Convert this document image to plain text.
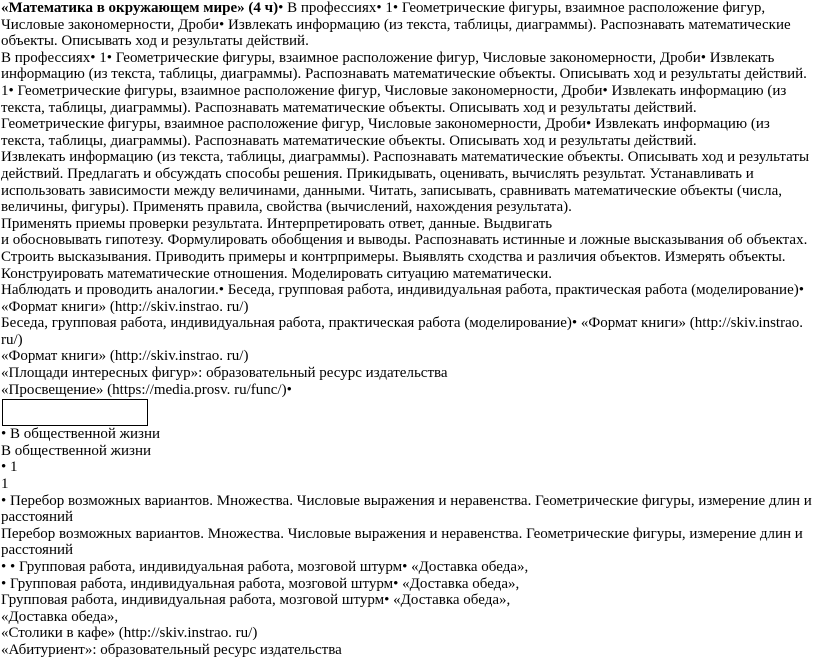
«Математика в окружающем мире» (4 ч)• В профессиях• 1• Геометрические фигуры, взаимное расположение фигур, Числовые закономерности, Дроби• Извлекать информацию (из текста, таблицы, диаграммы). Распознавать математические объекты. Описывать ход и результаты действий.

В профессиях• 1• Геометрические фигуры, взаимное расположение фигур, Числовые закономерности, Дроби• Извлекать информацию (из текста, таблицы, диаграммы). Распознавать математические объекты. Описывать ход и результаты действий.

1• Геометрические фигуры, взаимное расположение фигур, Числовые закономерности, Дроби• Извлекать информацию (из текста, таблицы, диаграммы). Распознавать математические объекты. Описывать ход и результаты действий.

Геометрические фигуры, взаимное расположение фигур, Числовые закономерности, Дроби• Извлекать информацию (из текста, таблицы, диаграммы). Распознавать математические объекты. Описывать ход и результаты действий.

Извлекать информацию (из текста, таблицы, диаграммы). Распознавать математические объекты. Описывать ход и результаты действий. Предлагать и обсуждать способы решения. Прикидывать, оценивать, вычислять результат. Устанавливать и использовать зависимости между величинами, данными. Читать, записывать, сравнивать математические объекты (числа, величины, фигуры). Применять правила, свойства (вычислений, нахождения результата).

Применять приемы проверки результата. Интерпретировать ответ, данные. Выдвигать

и обосновывать гипотезу. Формулировать обобщения и выводы. Распознавать истинные и ложные высказывания об объектах. Строить высказывания. Приводить примеры и контрпримеры. Выявлять сходства и различия объектов. Измерять объекты. Конструировать математические отношения. Моделировать ситуацию математически.

Наблюдать и проводить аналогии.• Беседа, групповая работа, индивидуальная работа, практическая работа (моделирование)• «Формат книги» (http://skiv.instrao. ru/)

Беседа, групповая работа, индивидуальная работа, практическая работа (моделирование)• «Формат книги» (http://skiv.instrao. ru/)

«Формат книги» (http://skiv.instrao. ru/)

«Площади интересных фигур»: образовательный ресурс издательства

«Просвещение» (https://media.prosv. ru/func/)•

• В общественной жизни

В общественной жизни

• 1

1

• Перебор возможных вариантов. Множества. Числовые выражения и неравенства. Геометрические фигуры, измерение длин и расстояний

Перебор возможных вариантов. Множества. Числовые выражения и неравенства. Геометрические фигуры, измерение длин и расстояний

• • Групповая работа, индивидуальная работа, мозговой штурм• «Доставка обеда»,

• Групповая работа, индивидуальная работа, мозговой штурм• «Доставка обеда»,

Групповая работа, индивидуальная работа, мозговой штурм• «Доставка обеда»,

«Доставка обеда»,

«Столики в кафе» (http://skiv.instrao. ru/)

«Абитуриент»: образовательный ресурс издательства
